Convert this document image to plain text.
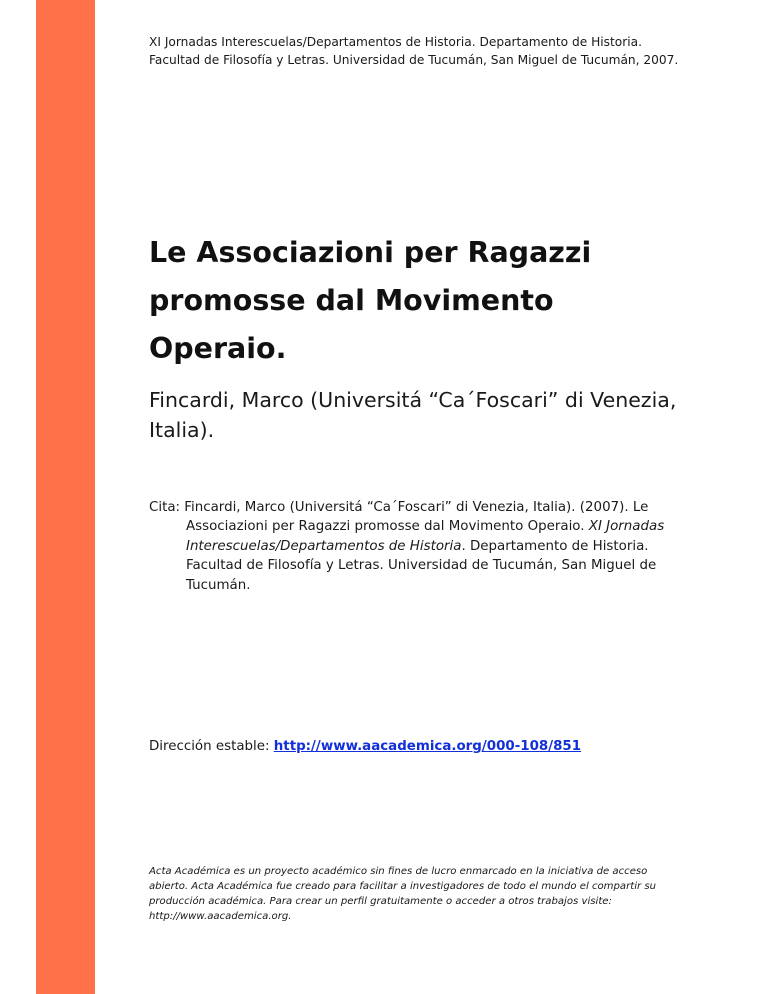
XI Jornadas Interescuelas/Departamentos de Historia. Departamento de Historia. Facultad de Filosofía y Letras. Universidad de Tucumán, San Miguel de Tucumán, 2007.
Le Associazioni per Ragazzi promosse dal Movimento Operaio.
Fincardi, Marco (Universitá “Ca´Foscari” di Venezia, Italia).
Cita: Fincardi, Marco (Universitá “Ca´Foscari” di Venezia, Italia). (2007). Le Associazioni per Ragazzi promosse dal Movimento Operaio. XI Jornadas Interescuelas/Departamentos de Historia. Departamento de Historia. Facultad de Filosofía y Letras. Universidad de Tucumán, San Miguel de Tucumán.
Dirección estable: http://www.aacademica.org/000-108/851
Acta Académica es un proyecto académico sin fines de lucro enmarcado en la iniciativa de acceso abierto. Acta Académica fue creado para facilitar a investigadores de todo el mundo el compartir su producción académica. Para crear un perfil gratuitamente o acceder a otros trabajos visite: http://www.aacademica.org.
